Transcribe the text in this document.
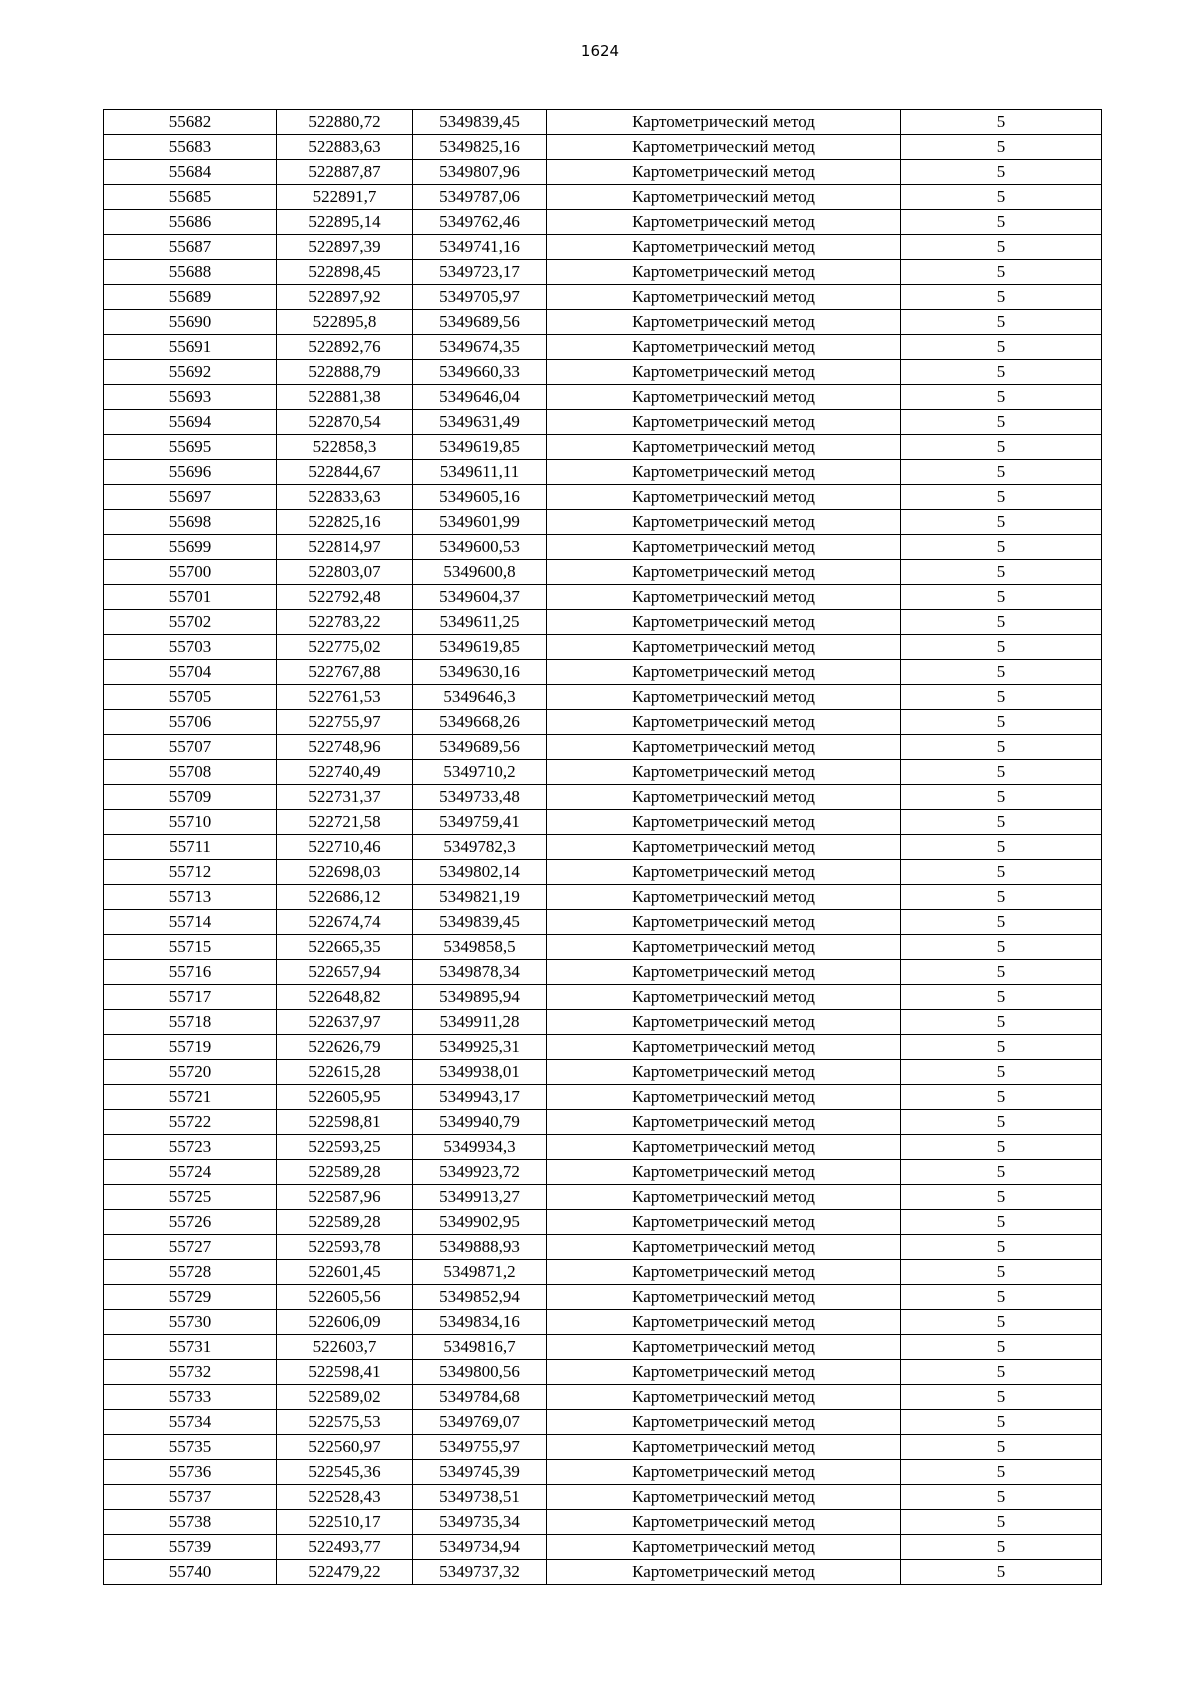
1624
55682	522880,72	5349839,45	Картометрический метод	5
55683	522883,63	5349825,16	Картометрический метод	5
55684	522887,87	5349807,96	Картометрический метод	5
55685	522891,7	5349787,06	Картометрический метод	5
55686	522895,14	5349762,46	Картометрический метод	5
55687	522897,39	5349741,16	Картометрический метод	5
55688	522898,45	5349723,17	Картометрический метод	5
55689	522897,92	5349705,97	Картометрический метод	5
55690	522895,8	5349689,56	Картометрический метод	5
55691	522892,76	5349674,35	Картометрический метод	5
55692	522888,79	5349660,33	Картометрический метод	5
55693	522881,38	5349646,04	Картометрический метод	5
55694	522870,54	5349631,49	Картометрический метод	5
55695	522858,3	5349619,85	Картометрический метод	5
55696	522844,67	5349611,11	Картометрический метод	5
55697	522833,63	5349605,16	Картометрический метод	5
55698	522825,16	5349601,99	Картометрический метод	5
55699	522814,97	5349600,53	Картометрический метод	5
55700	522803,07	5349600,8	Картометрический метод	5
55701	522792,48	5349604,37	Картометрический метод	5
55702	522783,22	5349611,25	Картометрический метод	5
55703	522775,02	5349619,85	Картометрический метод	5
55704	522767,88	5349630,16	Картометрический метод	5
55705	522761,53	5349646,3	Картометрический метод	5
55706	522755,97	5349668,26	Картометрический метод	5
55707	522748,96	5349689,56	Картометрический метод	5
55708	522740,49	5349710,2	Картометрический метод	5
55709	522731,37	5349733,48	Картометрический метод	5
55710	522721,58	5349759,41	Картометрический метод	5
55711	522710,46	5349782,3	Картометрический метод	5
55712	522698,03	5349802,14	Картометрический метод	5
55713	522686,12	5349821,19	Картометрический метод	5
55714	522674,74	5349839,45	Картометрический метод	5
55715	522665,35	5349858,5	Картометрический метод	5
55716	522657,94	5349878,34	Картометрический метод	5
55717	522648,82	5349895,94	Картометрический метод	5
55718	522637,97	5349911,28	Картометрический метод	5
55719	522626,79	5349925,31	Картометрический метод	5
55720	522615,28	5349938,01	Картометрический метод	5
55721	522605,95	5349943,17	Картометрический метод	5
55722	522598,81	5349940,79	Картометрический метод	5
55723	522593,25	5349934,3	Картометрический метод	5
55724	522589,28	5349923,72	Картометрический метод	5
55725	522587,96	5349913,27	Картометрический метод	5
55726	522589,28	5349902,95	Картометрический метод	5
55727	522593,78	5349888,93	Картометрический метод	5
55728	522601,45	5349871,2	Картометрический метод	5
55729	522605,56	5349852,94	Картометрический метод	5
55730	522606,09	5349834,16	Картометрический метод	5
55731	522603,7	5349816,7	Картометрический метод	5
55732	522598,41	5349800,56	Картометрический метод	5
55733	522589,02	5349784,68	Картометрический метод	5
55734	522575,53	5349769,07	Картометрический метод	5
55735	522560,97	5349755,97	Картометрический метод	5
55736	522545,36	5349745,39	Картометрический метод	5
55737	522528,43	5349738,51	Картометрический метод	5
55738	522510,17	5349735,34	Картометрический метод	5
55739	522493,77	5349734,94	Картометрический метод	5
55740	522479,22	5349737,32	Картометрический метод	5
